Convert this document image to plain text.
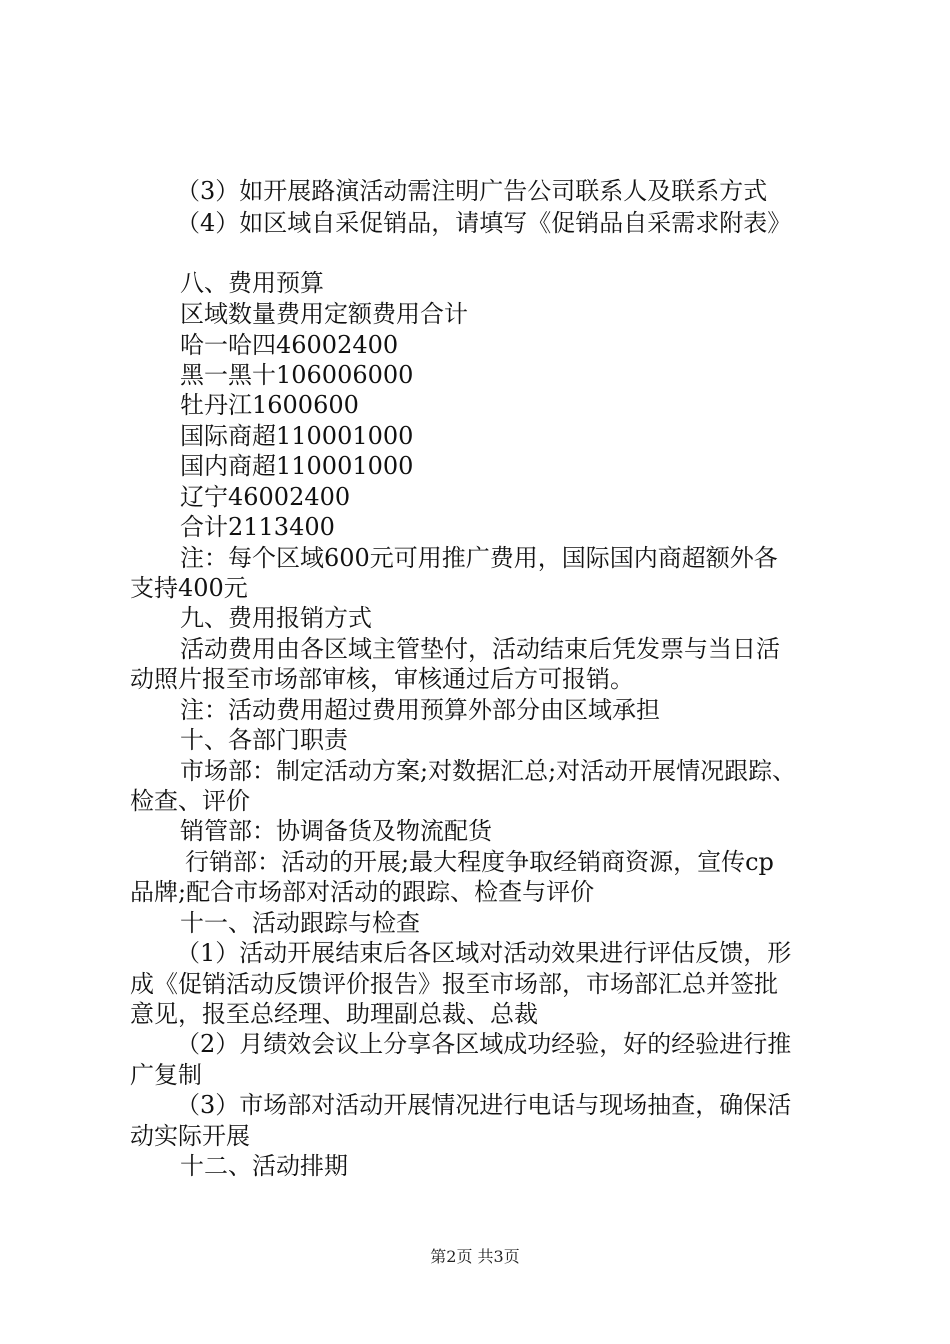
（3）如开展路演活动需注明广告公司联系人及联系方式
（4）如区域自采促销品，请填写《促销品自采需求附表》
八、费用预算
区域数量费用定额费用合计
哈一哈四46002400
黑一黑十106006000
牡丹江1600600
国际商超110001000
国内商超110001000
辽宁46002400
合计2113400
注：每个区域600元可用推广费用，国际国内商超额外各
支持400元
九、费用报销方式
活动费用由各区域主管垫付，活动结束后凭发票与当日活
动照片报至市场部审核，审核通过后方可报销。
注：活动费用超过费用预算外部分由区域承担
十、各部门职责
市场部：制定活动方案;对数据汇总;对活动开展情况跟踪、
检查、评价
销管部：协调备货及物流配货
行销部：活动的开展;最大程度争取经销商资源，宣传cp
品牌;配合市场部对活动的跟踪、检查与评价
十一、活动跟踪与检查
（1）活动开展结束后各区域对活动效果进行评估反馈，形
成《促销活动反馈评价报告》报至市场部，市场部汇总并签批
意见，报至总经理、助理副总裁、总裁
（2）月绩效会议上分享各区域成功经验，好的经验进行推
广复制
（3）市场部对活动开展情况进行电话与现场抽查，确保活
动实际开展
十二、活动排期
第2页 共3页
